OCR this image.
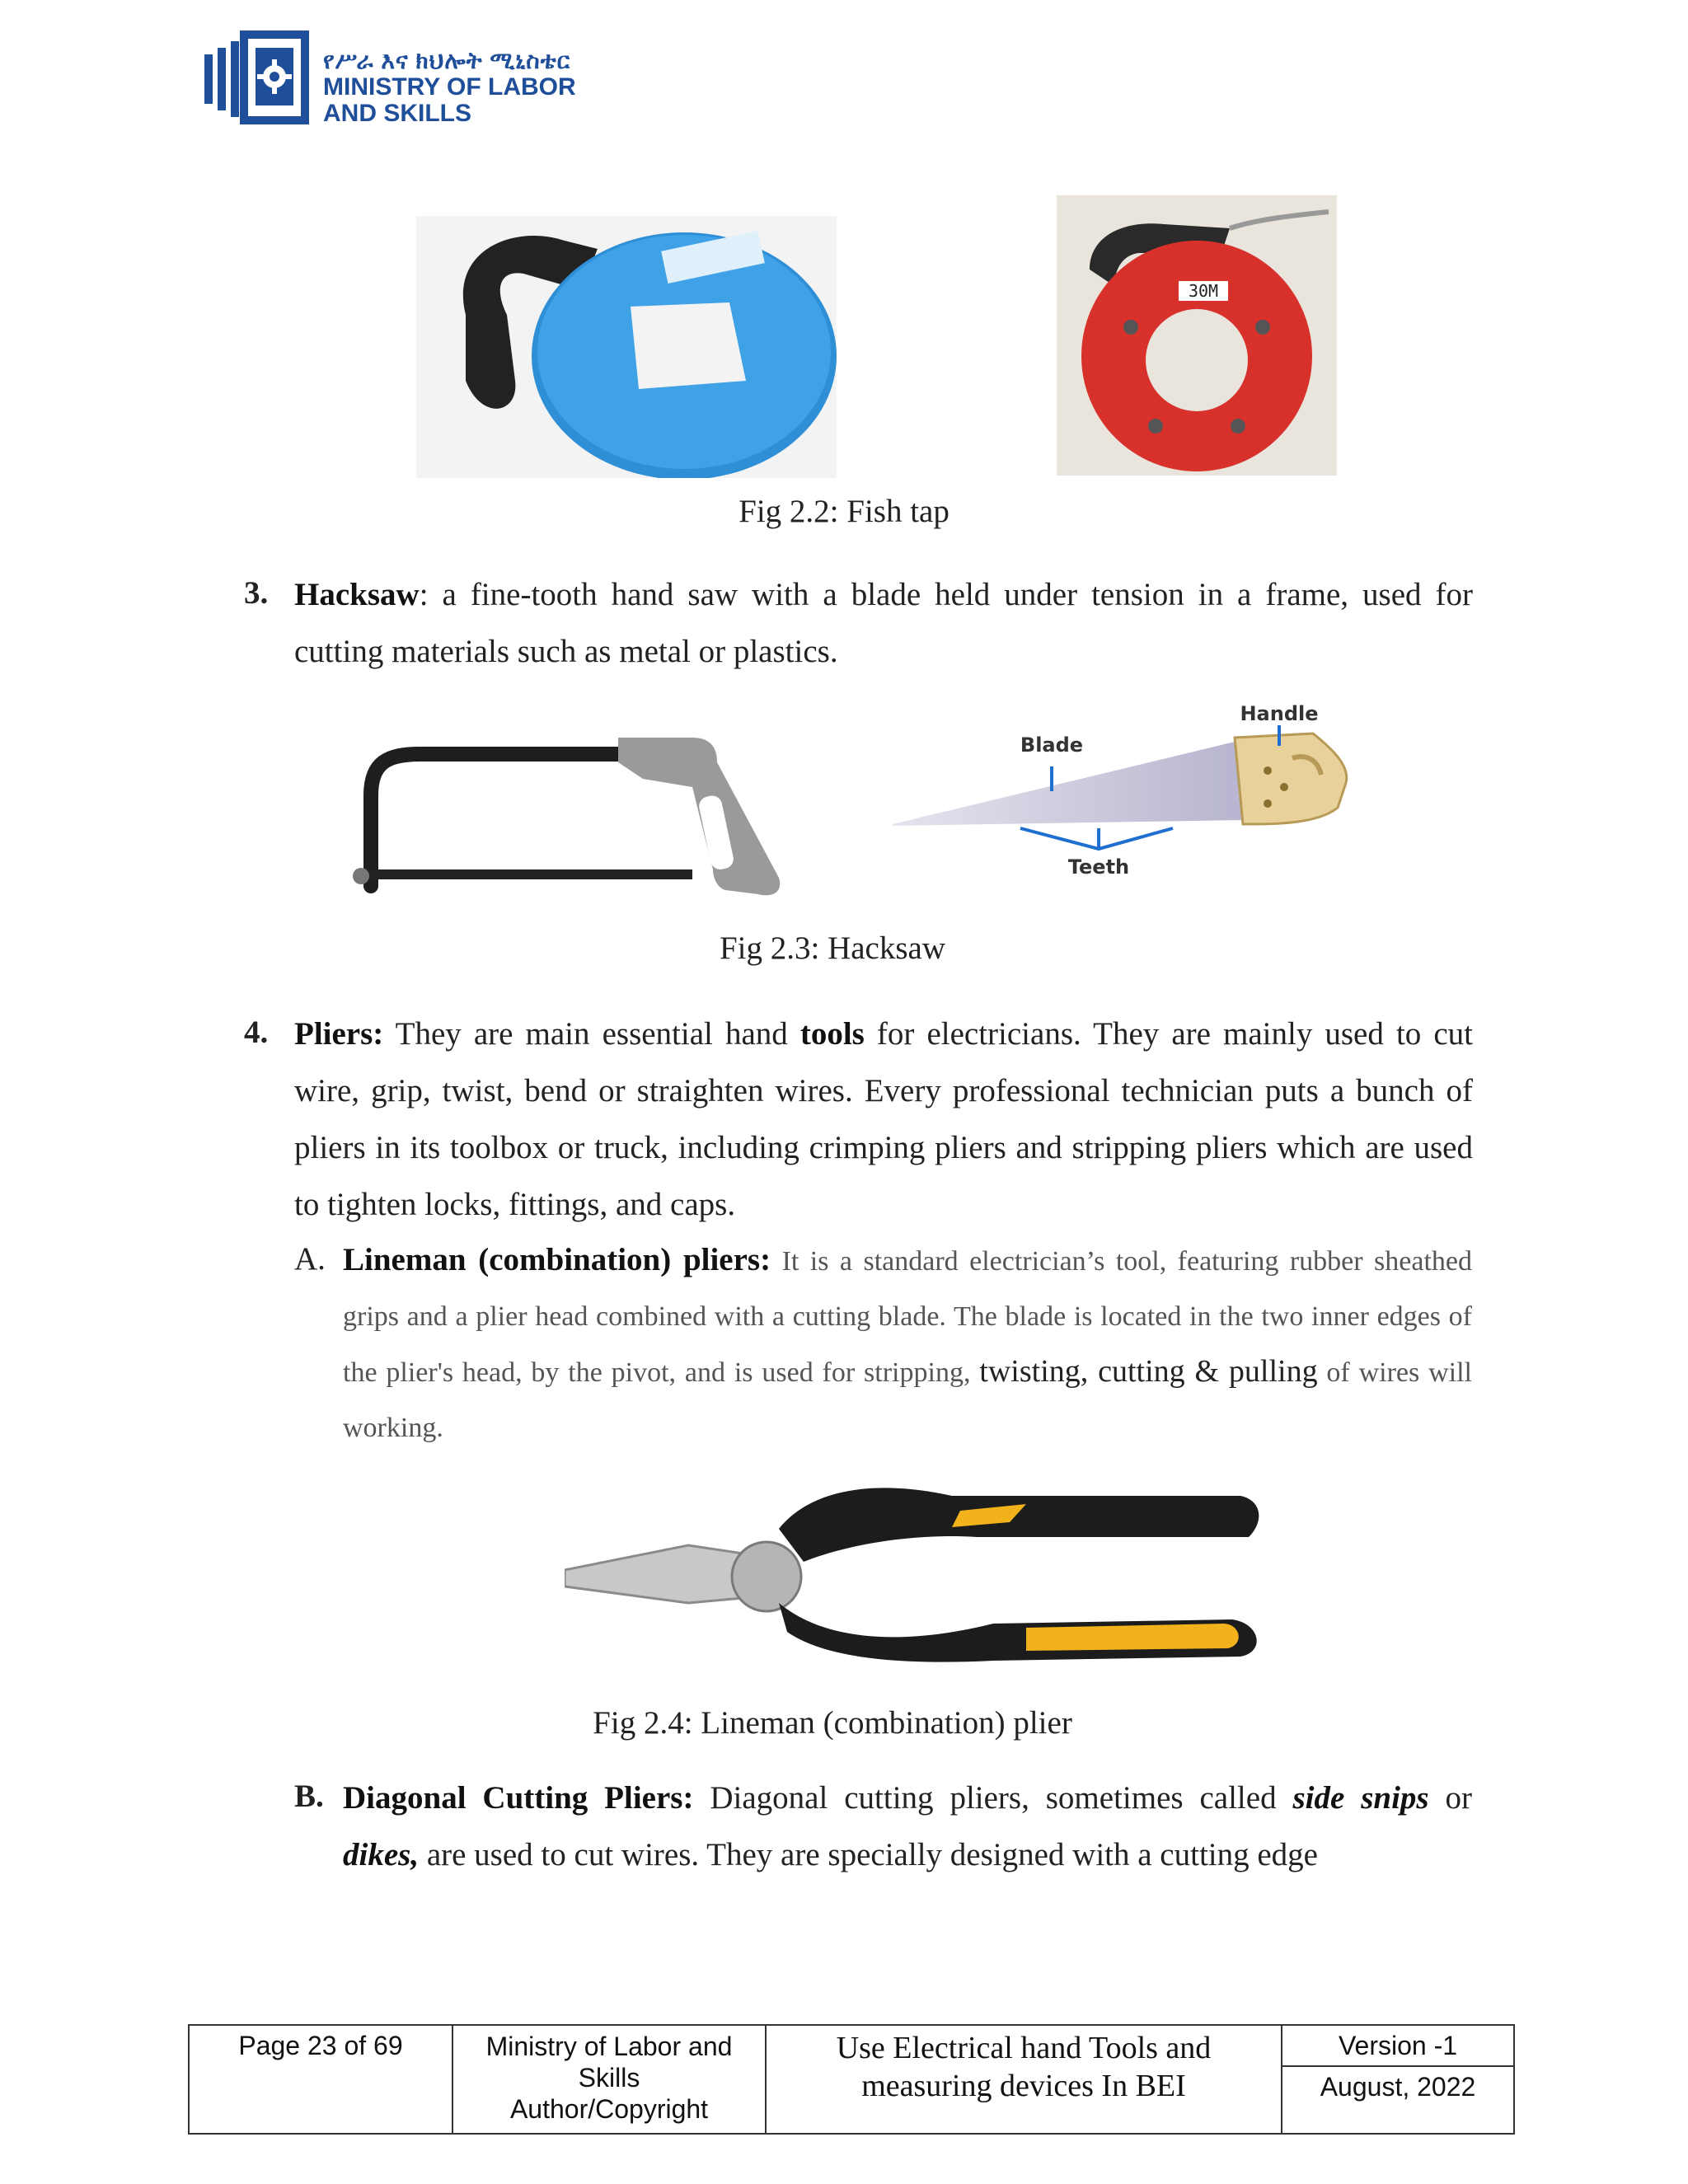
የሥራ እና ክህሎት ሚኒስቴር
MINISTRY OF LABOR
AND SKILLS
30M
Fig 2.2: Fish tap
3. Hacksaw: a fine-tooth hand saw with a blade held under tension in a frame, used for cutting materials such as metal or plastics.
Blade
Handle
Teeth
Fig 2.3: Hacksaw
4. Pliers: They are main essential hand tools for electricians. They are mainly used to cut wire, grip, twist, bend or straighten wires. Every professional technician puts a bunch of pliers in its toolbox or truck, including crimping pliers and stripping pliers which are used to tighten locks, fittings, and caps.
A. Lineman (combination) pliers: It is a standard electrician’s tool, featuring rubber sheathed grips and a plier head combined with a cutting blade. The blade is located in the two inner edges of the plier's head, by the pivot, and is used for stripping, twisting, cutting & pulling of wires will working.
Fig 2.4: Lineman (combination) plier
B. Diagonal Cutting Pliers: Diagonal cutting pliers, sometimes called side snips or dikes, are used to cut wires. They are specially designed with a cutting edge
Page 23 of 69	Ministry of Labor and
Skills
Author/Copyright
Use Electrical hand Tools and
measuring devices In BEI
Version -1
August, 2022
